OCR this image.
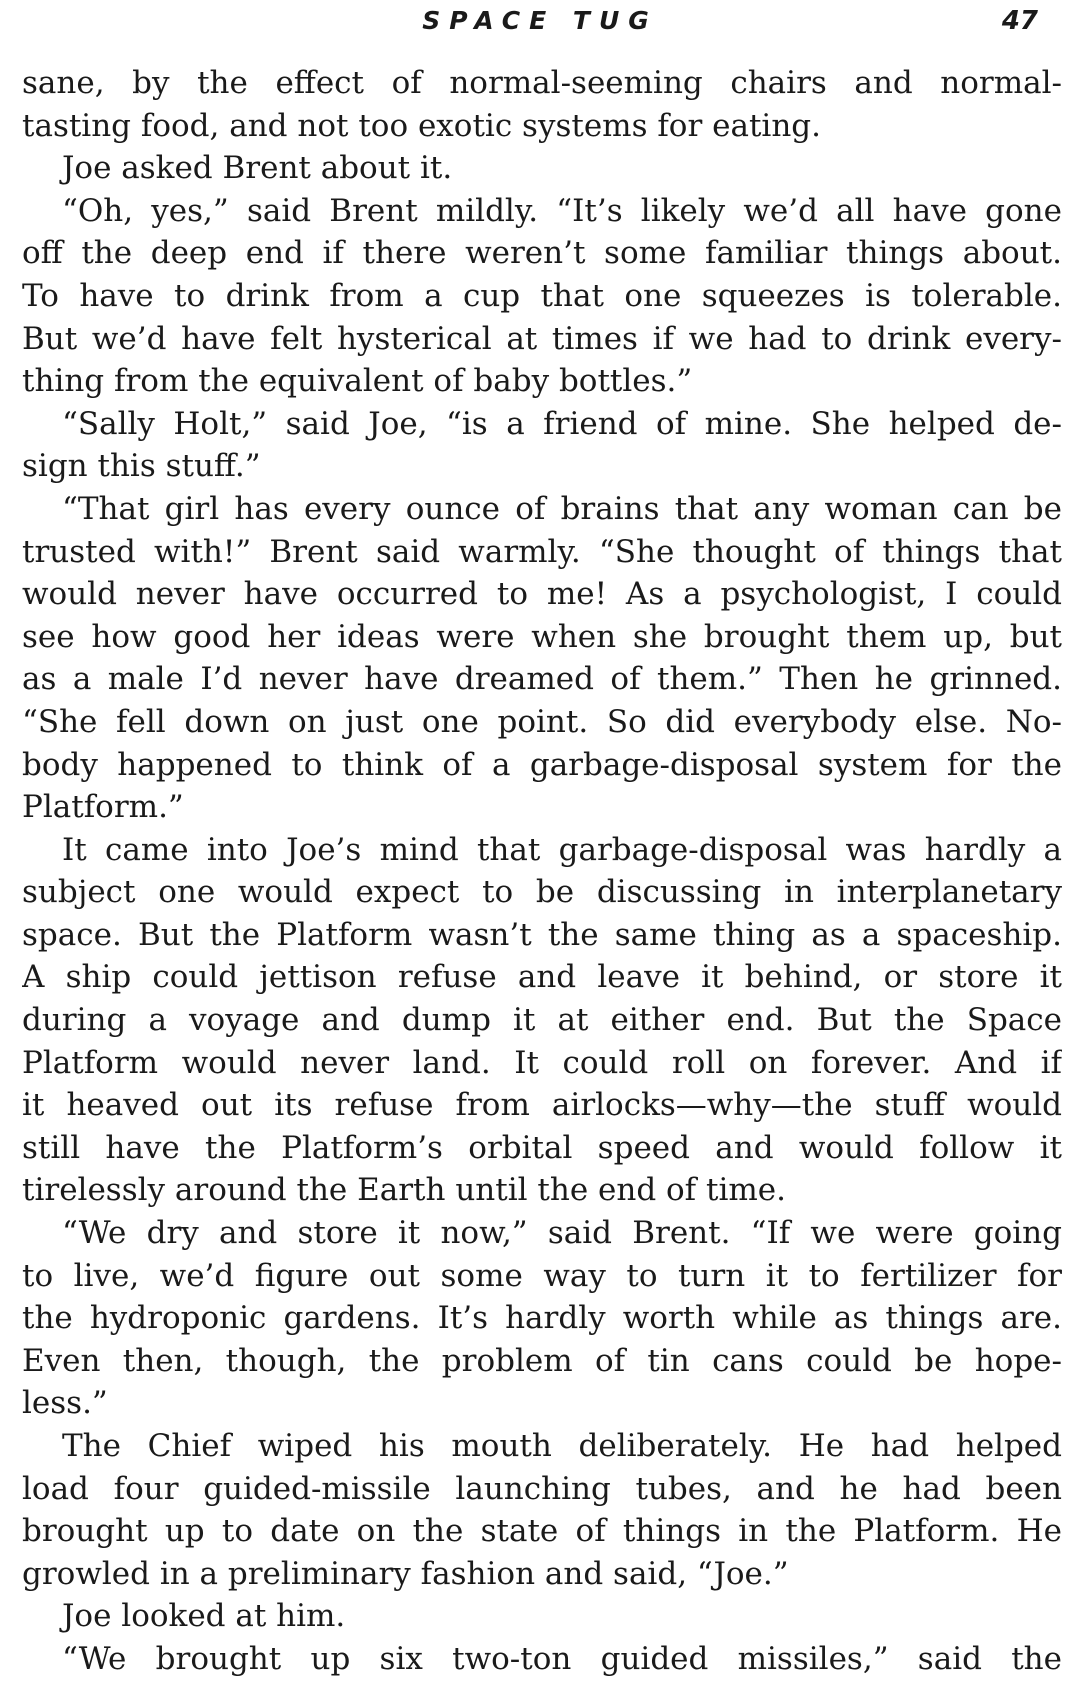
SPACE TUG	47
sane, by the effect of normal-seeming chairs and normal-
tasting food, and not too exotic systems for eating.
Joe asked Brent about it.
“Oh, yes,” said Brent mildly. “It’s likely we’d all have gone
off the deep end if there weren’t some familiar things about.
To have to drink from a cup that one squeezes is tolerable.
But we’d have felt hysterical at times if we had to drink every-
thing from the equivalent of baby bottles.”
“Sally Holt,” said Joe, “is a friend of mine. She helped de-
sign this stuff.”
“That girl has every ounce of brains that any woman can be
trusted with!” Brent said warmly. “She thought of things that
would never have occurred to me! As a psychologist, I could
see how good her ideas were when she brought them up, but
as a male I’d never have dreamed of them.” Then he grinned.
“She fell down on just one point. So did everybody else. No-
body happened to think of a garbage-disposal system for the
Platform.”
It came into Joe’s mind that garbage-disposal was hardly a
subject one would expect to be discussing in interplanetary
space. But the Platform wasn’t the same thing as a spaceship.
A ship could jettison refuse and leave it behind, or store it
during a voyage and dump it at either end. But the Space
Platform would never land. It could roll on forever. And if
it heaved out its refuse from airlocks—why—the stuff would
still have the Platform’s orbital speed and would follow it
tirelessly around the Earth until the end of time.
“We dry and store it now,” said Brent. “If we were going
to live, we’d figure out some way to turn it to fertilizer for
the hydroponic gardens. It’s hardly worth while as things are.
Even then, though, the problem of tin cans could be hope-
less.”
The Chief wiped his mouth deliberately. He had helped
load four guided-missile launching tubes, and he had been
brought up to date on the state of things in the Platform. He
growled in a preliminary fashion and said, “Joe.”
Joe looked at him.
“We brought up six two-ton guided missiles,” said the
